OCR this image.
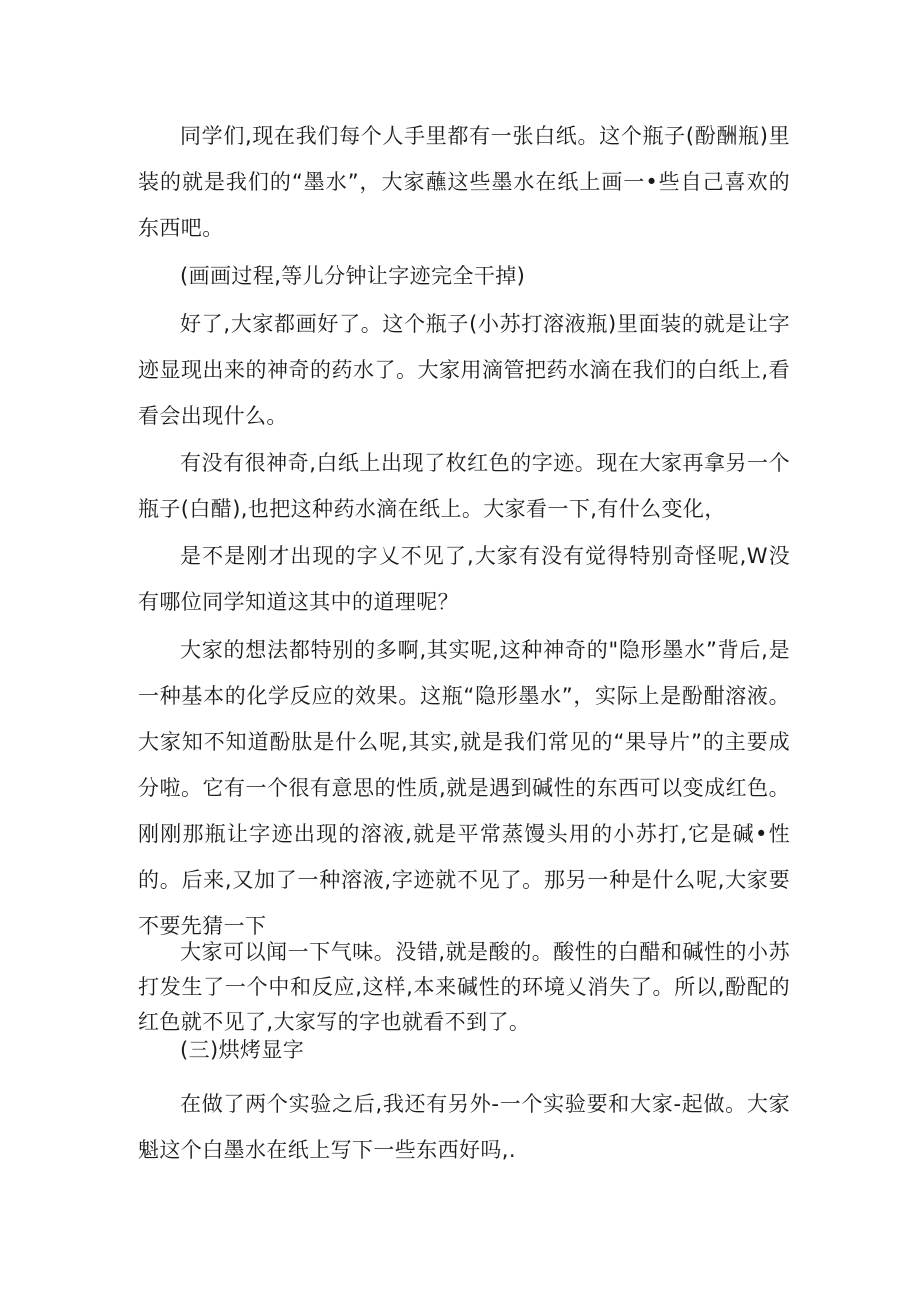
同学们,现在我们每个人手里都有一张白纸。这个瓶子(酚酬瓶)里装的就是我们的“墨水”，大家蘸这些墨水在纸上画一•些自己喜欢的东西吧。

(画画过程,等儿分钟让字迹完全干掉)

好了,大家都画好了。这个瓶子(小苏打溶液瓶)里面装的就是让字迹显现出来的神奇的药水了。大家用滴管把药水滴在我们的白纸上,看看会出现什么。

有没有很神奇,白纸上出现了枚红色的字迹。现在大家再拿另一个瓶子(白醋),也把这种药水滴在纸上。大家看一下,有什么变化，

是不是刚才出现的字乂不见了,大家有没有觉得特别奇怪呢,W没有哪位同学知道这其中的道理呢？

大家的想法都特别的多啊,其实呢,这种神奇的"隐形墨水”背后,是一种基本的化学反应的效果。这瓶“隐形墨水”，实际上是酚酣溶液。大家知不知道酚肽是什么呢,其实,就是我们常见的“果导片”的主要成分啦。它有一个很有意思的性质,就是遇到碱性的东西可以变成红色。刚刚那瓶让字迹出现的溶液,就是平常蒸馒头用的小苏打,它是碱•性的。后来,又加了一种溶液,字迹就不见了。那另一种是什么呢,大家要不要先猜一下

大家可以闻一下气味。没错,就是酸的。酸性的白醋和碱性的小苏打发生了一个中和反应,这样,本来碱性的环境乂消失了。所以,酚配的红色就不见了,大家写的字也就看不到了。

(三)烘烤显字

在做了两个实验之后,我还有另外-一个实验要和大家-起做。大家魁这个白墨水在纸上写下一些东西好吗,.
